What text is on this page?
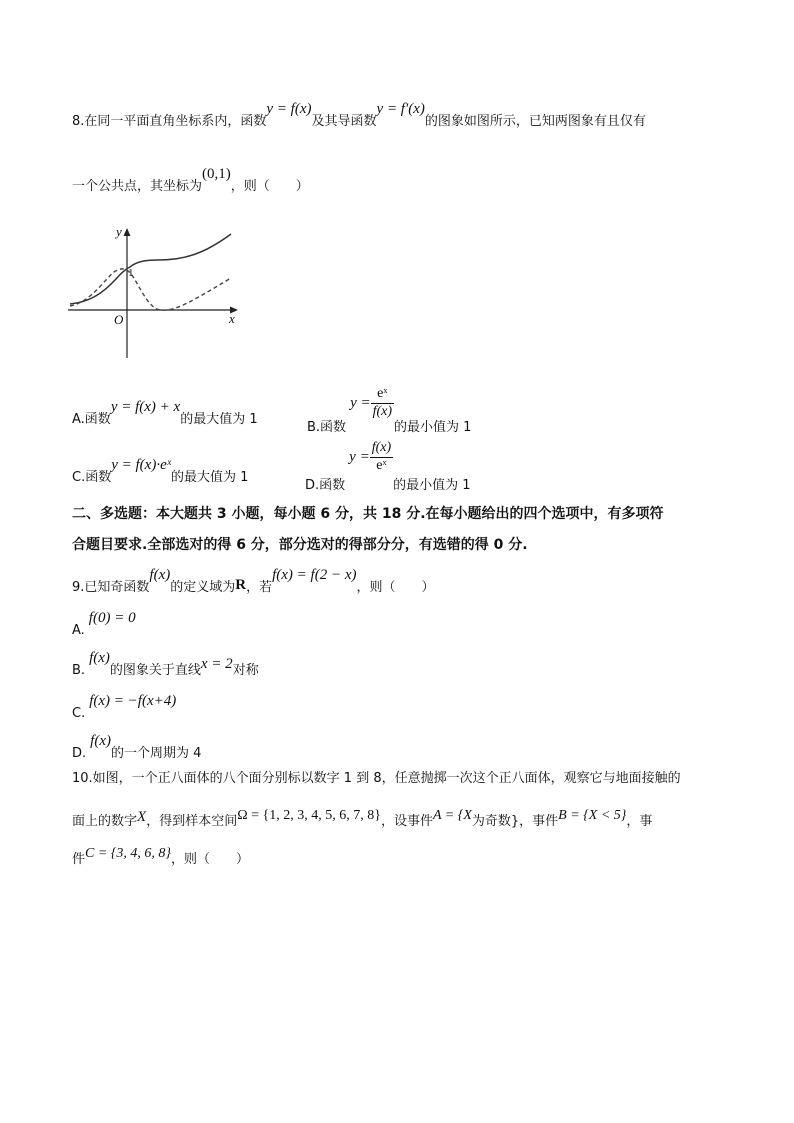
8.在同一平面直角坐标系内，函数y = f(x)及其导函数y = f′(x)的图象如图所示，已知两图象有且仅有
一个公共点，其坐标为(0,1)，则（　　）
y
x
O
1
A.函数y = f(x) + x的最大值为 1
B.函数$y = \frac{\text{eˣ}}{f(x)}$
的最小值为 1
C.函数y = f(x)·eˣ的最大值为 1
D.函数$y = \frac{f(x)}{\text{eˣ}}$
的最小值为 1
二、多选题：本大题共 3 小题，每小题 6 分，共 18 分.在每小题给出的四个选项中，有多项符
合题目要求.全部选对的得 6 分，部分选对的得部分分，有选错的得 0 分.
9.已知奇函数f(x)的定义域为R，若f(x) = f(2 − x)，则（　　）
A.f(0) = 0
B.f(x)的图象关于直线x = 2对称
C.f(x) = −f(x+4)
D.f(x)的一个周期为 4
10.如图，一个正八面体的八个面分别标以数字 1 到 8，任意抛掷一次这个正八面体，观察它与地面接触的
面上的数字X，得到样本空间Ω = {1, 2, 3, 4, 5, 6, 7, 8}，设事件A = {X为奇数}，事件B = {X < 5}，事
件C = {3, 4, 6, 8}，则（　　）
